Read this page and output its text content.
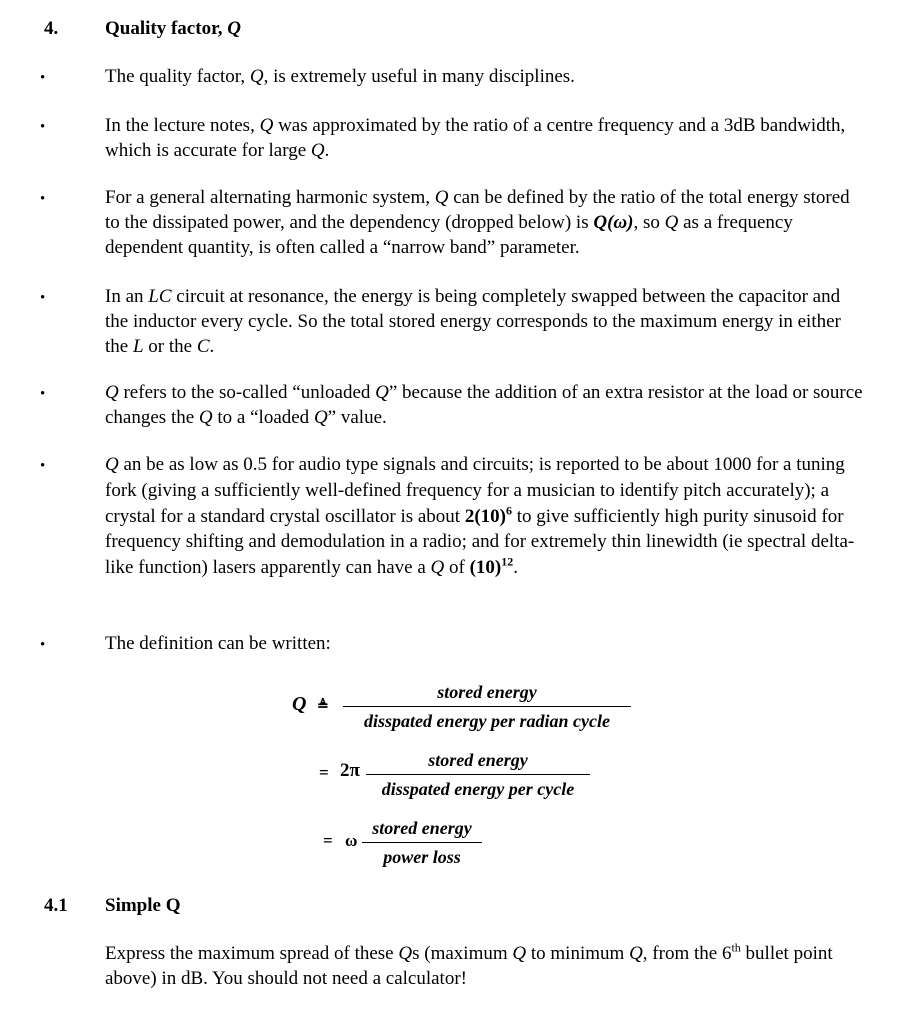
4. Quality factor, Q
•	The quality factor, Q, is extremely useful in many disciplines.
•	In the lecture notes, Q was approximated by the ratio of a centre frequency and a 3dB bandwidth, which is accurate for large Q.
•	For a general alternating harmonic system, Q can be defined by the ratio of the total energy stored to the dissipated power, and the dependency (dropped below) is Q(ω), so Q as a frequency dependent quantity, is often called a “narrow band” parameter.
•	In an LC circuit at resonance, the energy is being completely swapped between the capacitor and the inductor every cycle. So the total stored energy corresponds to the maximum energy in either the L or the C.
•	Q refers to the so-called “unloaded Q” because the addition of an extra resistor at the load or source changes the Q to a “loaded Q” value.
•	Q an be as low as 0.5 for audio type signals and circuits; is reported to be about 1000 for a tuning fork (giving a sufficiently well-defined frequency for a musician to identify pitch accurately); a crystal for a standard crystal oscillator is about $2(10)^6$ to give sufficiently high purity sinusoid for frequency shifting and demodulation in a radio; and for extremely thin linewidth (ie spectral delta-like function) lasers apparently can have a Q of $(10)^{12}$.
•	The definition can be written:
Q ≜
stored energy
disspated energy per radian cycle
= 2π	stored energy
disspated energy per cycle
= ω
stored energy
power loss
4.1 Simple Q
Express the maximum spread of these Qs (maximum Q to minimum Q, from the 6th bullet point above) in dB. You should not need a calculator!
